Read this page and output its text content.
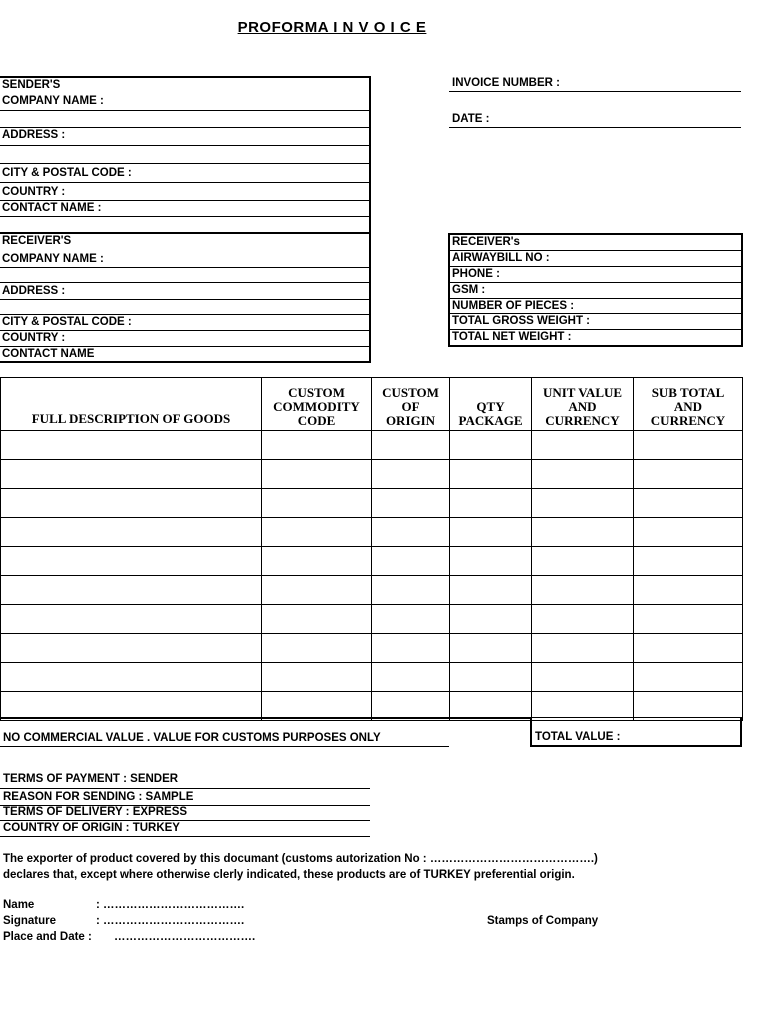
PROFORMA I N V O I C E
SENDER'S
COMPANY NAME :
ADDRESS :
CITY & POSTAL CODE :
COUNTRY :
CONTACT NAME :
INVOICE NUMBER :
DATE :
RECEIVER'S
COMPANY NAME :
ADDRESS :
CITY & POSTAL CODE :
COUNTRY :
CONTACT NAME
RECEIVER's
AIRWAYBILL NO :
PHONE :
GSM :
NUMBER OF PIECES :
TOTAL GROSS WEIGHT :
TOTAL NET WEIGHT :
FULL DESCRIPTION OF GOODS	CUSTOM
COMMODITY
CODE	CUSTOM
OF
ORIGIN	QTY
PACKAGE	UNIT VALUE
AND
CURRENCY	SUB TOTAL
AND
CURRENCY

NO COMMERCIAL VALUE . VALUE FOR CUSTOMS PURPOSES ONLY	TOTAL VALUE :
TERMS OF PAYMENT : SENDER
REASON FOR SENDING : SAMPLE
TERMS OF DELIVERY : EXPRESS
COUNTRY OF ORIGIN : TURKEY
The exporter of product covered by this documant (customs autorization No : …………………………………….)
declares that, except where otherwise clerly indicated, these products are of TURKEY preferential origin.
Name	: ……………………………….
Signature	: ……………………………….
Place and Date : ……………………………….
Stamps of Company
